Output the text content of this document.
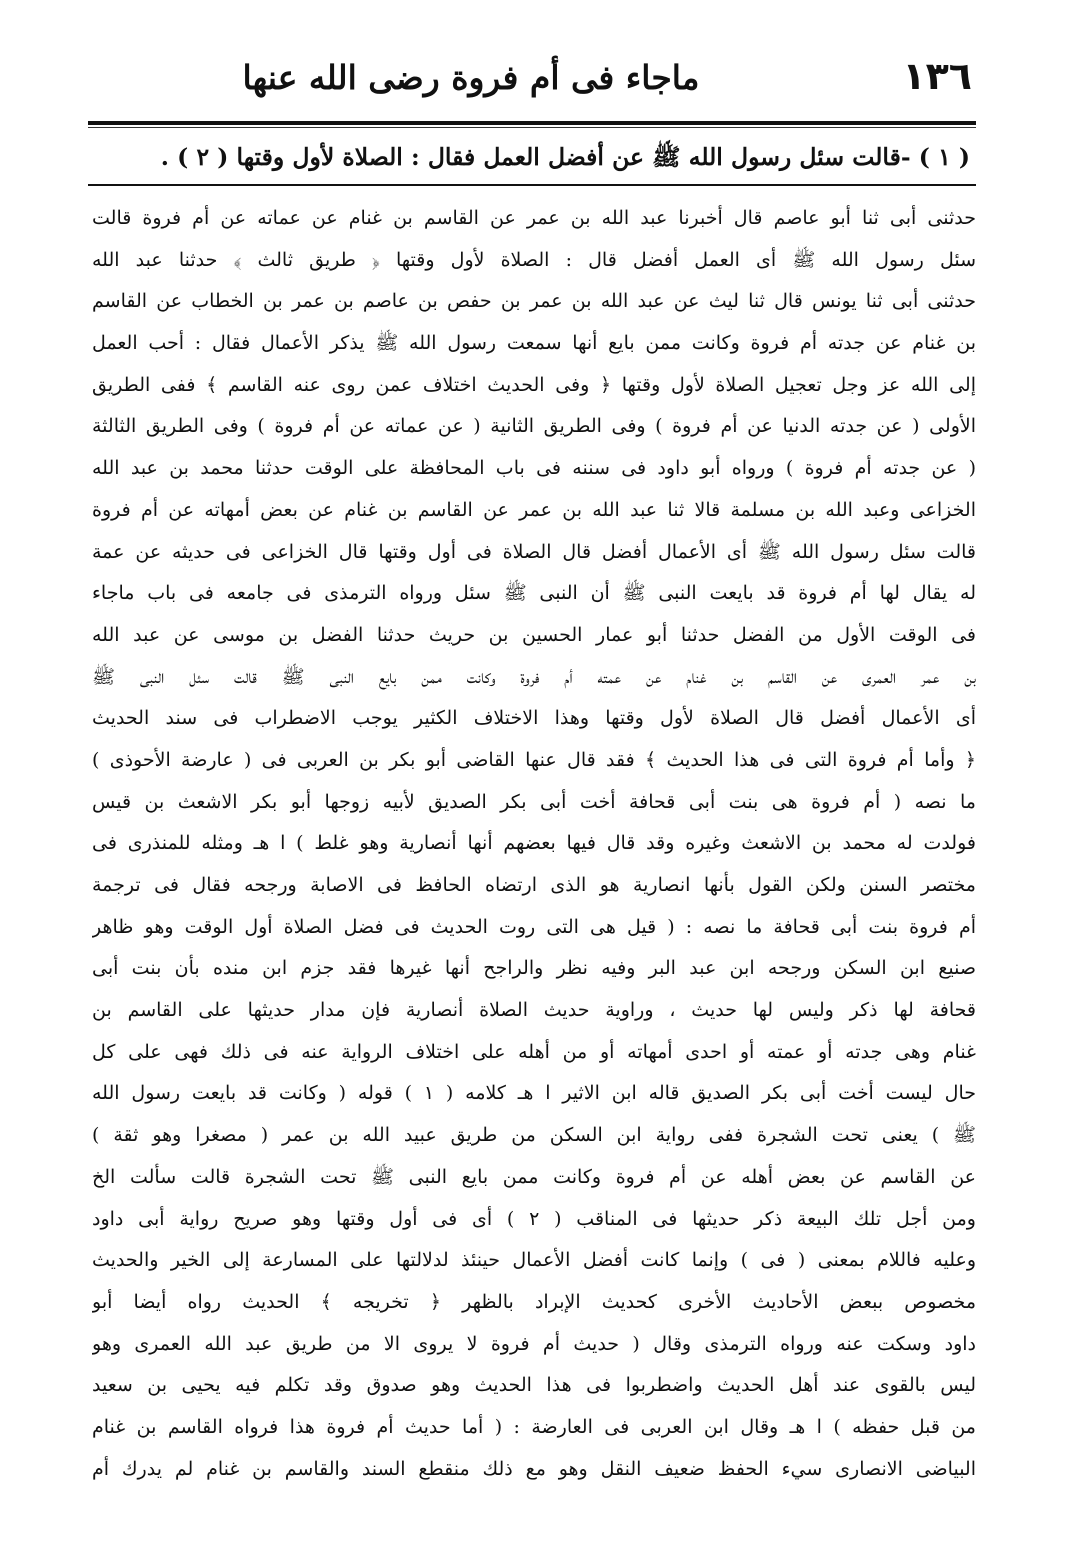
١٣٦
ماجاء فى أم فروة رضى الله عنها
( ١ ) -قالت سئل رسول الله ﷺ عن أفضل العمل فقال : الصلاة لأول وقتها ( ٢ ) .
حدثنى أبى ثنا أبو عاصم قال أخبرنا عبد الله بن عمر عن القاسم بن غنام عن عماته عن أم فروة قالت
سئل رسول الله ﷺ أى العمل أفضل قال : الصلاة لأول وقتها ﴿ طريق ثالث ﴾ حدثنا عبد الله
حدثنى أبى ثنا يونس قال ثنا ليث عن عبد الله بن عمر بن حفص بن عاصم بن عمر بن الخطاب عن القاسم
بن غنام عن جدته أم فروة وكانت ممن بايع أنها سمعت رسول الله ﷺ يذكر الأعمال فقال : أحب العمل
إلى الله عز وجل تعجيل الصلاة لأول وقتها ﴿ وفى الحديث اختلاف عمن روى عنه القاسم ﴾ ففى الطريق
الأولى ( عن جدته الدنيا عن أم فروة ) وفى الطريق الثانية ( عن عماته عن أم فروة ) وفى الطريق الثالثة
( عن جدته أم فروة ) ورواه أبو داود فى سننه فى باب المحافظة على الوقت حدثنا محمد بن عبد الله
الخزاعى وعبد الله بن مسلمة قالا ثنا عبد الله بن عمر عن القاسم بن غنام عن بعض أمهاته عن أم فروة
قالت سئل رسول الله ﷺ أى الأعمال أفضل قال الصلاة فى أول وقتها قال الخزاعى فى حديثه عن عمة
له يقال لها أم فروة قد بايعت النبى ﷺ أن النبى ﷺ سئل ورواه الترمذى فى جامعه فى باب ماجاء
فى الوقت الأول من الفضل حدثنا أبو عمار الحسين بن حريث حدثنا الفضل بن موسى عن عبد الله
بن عمر العمرى عن القاسم بن غنام عن عمته أم فروة وكانت ممن بايع النبى ﷺ قالت سئل النبى ﷺ
أى الأعمال أفضل قال الصلاة لأول وقتها وهذا الاختلاف الكثير يوجب الاضطراب فى سند الحديث
﴿ وأما أم فروة التى فى هذا الحديث ﴾ فقد قال عنها القاضى أبو بكر بن العربى فى ( عارضة الأحوذى )
ما نصه ( أم فروة هى بنت أبى قحافة أخت أبى بكر الصديق لأبيه زوجها أبو بكر الاشعث بن قيس
فولدت له محمد بن الاشعث وغيره وقد قال فيها بعضهم أنها أنصارية وهو غلط ) ا هـ ومثله للمنذرى فى
مختصر السنن ولكن القول بأنها انصارية هو الذى ارتضاه الحافظ فى الاصابة ورجحه فقال فى ترجمة
أم فروة بنت أبى قحافة ما نصه : ( قيل هى التى روت الحديث فى فضل الصلاة أول الوقت وهو ظاهر
صنيع ابن السكن ورجحه ابن عبد البر وفيه نظر والراجح أنها غيرها فقد جزم ابن منده بأن بنت أبى
قحافة لها ذكر وليس لها حديث ، وراوية حديث الصلاة أنصارية فإن مدار حديثها على القاسم بن
غنام وهى جدته أو عمته أو احدى أمهاته أو من أهله على اختلاف الرواية عنه فى ذلك فهى على كل
حال ليست أخت أبى بكر الصديق قاله ابن الاثير ا هـ كلامه ( ١ ) قوله ( وكانت قد بايعت رسول الله
ﷺ ) يعنى تحت الشجرة ففى رواية ابن السكن من طريق عبيد الله بن عمر ( مصغرا وهو ثقة )
عن القاسم عن بعض أهله عن أم فروة وكانت ممن بايع النبى ﷺ تحت الشجرة قالت سألت الخ
ومن أجل تلك البيعة ذكر حديثها فى المناقب ( ٢ ) أى فى أول وقتها وهو صريح رواية أبى داود
وعليه فاللام بمعنى ( فى ) وإنما كانت أفضل الأعمال حينئذ لدلالتها على المسارعة إلى الخير والحديث
مخصوص ببعض الأحاديث الأخرى كحديث الإبراد بالظهر ﴿ تخريجه ﴾ الحديث رواه أيضا أبو
داود وسكت عنه ورواه الترمذى وقال ( حديث أم فروة لا يروى الا من طريق عبد الله العمرى وهو
ليس بالقوى عند أهل الحديث واضطربوا فى هذا الحديث وهو صدوق وقد تكلم فيه يحيى بن سعيد
من قبل حفظه ) ا هـ وقال ابن العربى فى العارضة : ( أما حديث أم فروة هذا فرواه القاسم بن غنام
البياضى الانصارى سيء الحفظ ضعيف النقل وهو مع ذلك منقطع السند والقاسم بن غنام لم يدرك أم
